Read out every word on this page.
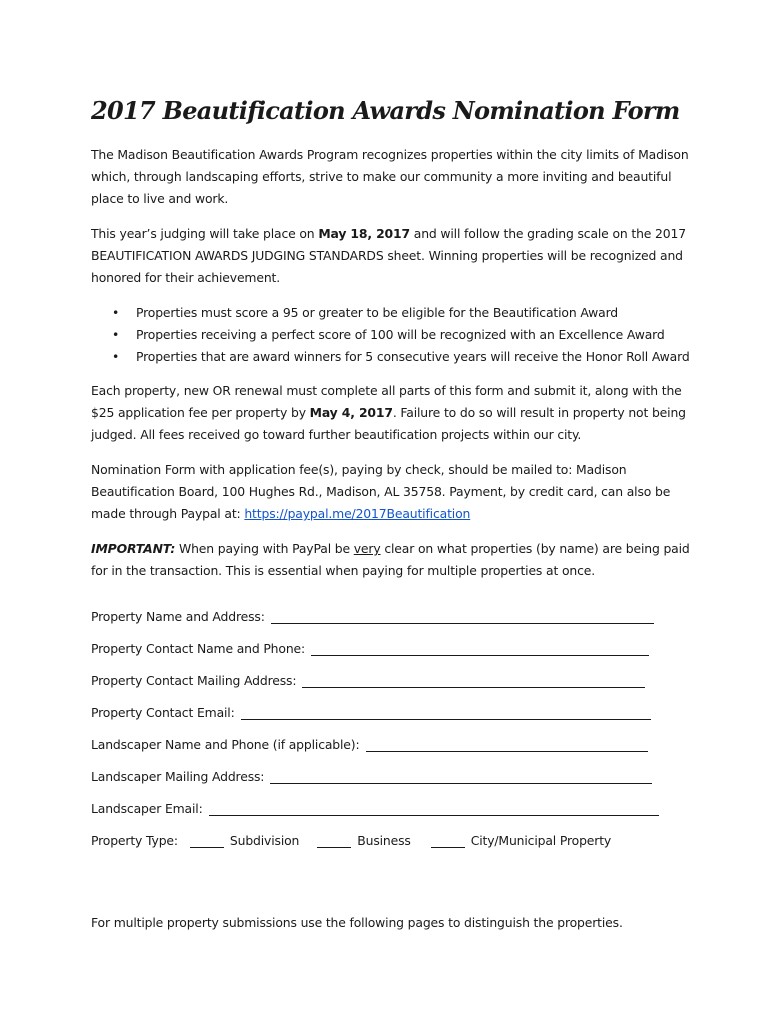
2017 Beautification Awards Nomination Form

The Madison Beautification Awards Program recognizes properties within the city limits of Madison which, through landscaping efforts, strive to make our community a more inviting and beautiful place to live and work.

This year’s judging will take place on May 18, 2017 and will follow the grading scale on the 2017 BEAUTIFICATION AWARDS JUDGING STANDARDS sheet. Winning properties will be recognized and honored for their achievement.

• Properties must score a 95 or greater to be eligible for the Beautification Award
• Properties receiving a perfect score of 100 will be recognized with an Excellence Award
• Properties that are award winners for 5 consecutive years will receive the Honor Roll Award

Each property, new OR renewal must complete all parts of this form and submit it, along with the $25 application fee per property by May 4, 2017. Failure to do so will result in property not being judged. All fees received go toward further beautification projects within our city.

Nomination Form with application fee(s), paying by check, should be mailed to: Madison Beautification Board, 100 Hughes Rd., Madison, AL 35758. Payment, by credit card, can also be made through Paypal at: https://paypal.me/2017Beautification

IMPORTANT: When paying with PayPal be very clear on what properties (by name) are being paid for in the transaction. This is essential when paying for multiple properties at once.

Property Name and Address:
Property Contact Name and Phone:
Property Contact Mailing Address:
Property Contact Email:
Landscaper Name and Phone (if applicable):
Landscaper Mailing Address:
Landscaper Email:
Property Type:	Subdivision	Business	City/Municipal Property
For multiple property submissions use the following pages to distinguish the properties.
